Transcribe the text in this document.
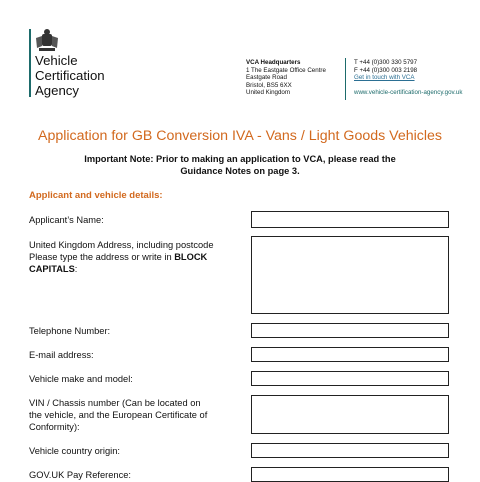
Vehicle
Certification
Agency
VCA Headquarters
1 The Eastgate Office Centre
Eastgate Road
Bristol, BS5 6XX
United Kingdom
T +44 (0)300 330 5797
F +44 (0)300 003 2198
Get in touch with VCA
www.vehicle-certification-agency.gov.uk
Application for GB Conversion IVA - Vans / Light Goods Vehicles
Important Note: Prior to making an application to VCA, please read the
Guidance Notes on page 3.
Applicant and vehicle details:
Applicant’s Name:
United Kingdom Address, including postcode
Please type the address or write in BLOCK
CAPITALS:
Telephone Number:
E-mail address:
Vehicle make and model:
VIN / Chassis number (Can be located on
the vehicle, and the European Certificate of
Conformity):
Vehicle country origin:
GOV.UK Pay Reference:
